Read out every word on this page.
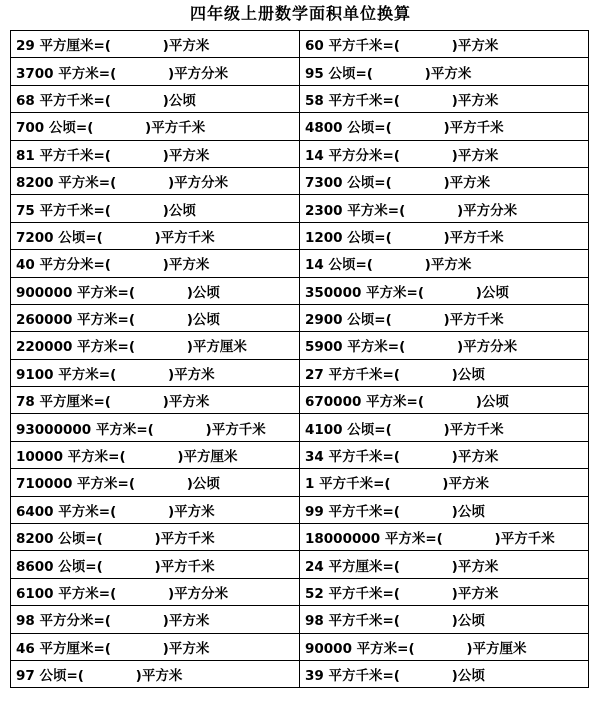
四年级上册数学面积单位换算
29 平方厘米=(           )平方米	60 平方千米=(           )平方米
3700 平方米=(           )平方分米	95 公顷=(           )平方米
68 平方千米=(           )公顷	58 平方千米=(           )平方米
700 公顷=(           )平方千米	4800 公顷=(           )平方千米
81 平方千米=(           )平方米	14 平方分米=(           )平方米
8200 平方米=(           )平方分米	7300 公顷=(           )平方米
75 平方千米=(           )公顷	2300 平方米=(           )平方分米
7200 公顷=(           )平方千米	1200 公顷=(           )平方千米
40 平方分米=(           )平方米	14 公顷=(           )平方米
900000 平方米=(           )公顷	350000 平方米=(           )公顷
260000 平方米=(           )公顷	2900 公顷=(           )平方千米
220000 平方米=(           )平方厘米	5900 平方米=(           )平方分米
9100 平方米=(           )平方米	27 平方千米=(           )公顷
78 平方厘米=(           )平方米	670000 平方米=(           )公顷
93000000 平方米=(           )平方千米	4100 公顷=(           )平方千米
10000 平方米=(           )平方厘米	34 平方千米=(           )平方米
710000 平方米=(           )公顷	1 平方千米=(           )平方米
6400 平方米=(           )平方米	99 平方千米=(           )公顷
8200 公顷=(           )平方千米	18000000 平方米=(           )平方千米
8600 公顷=(           )平方千米	24 平方厘米=(           )平方米
6100 平方米=(           )平方分米	52 平方千米=(           )平方米
98 平方分米=(           )平方米	98 平方千米=(           )公顷
46 平方厘米=(           )平方米	90000 平方米=(           )平方厘米
97 公顷=(           )平方米	39 平方千米=(           )公顷
